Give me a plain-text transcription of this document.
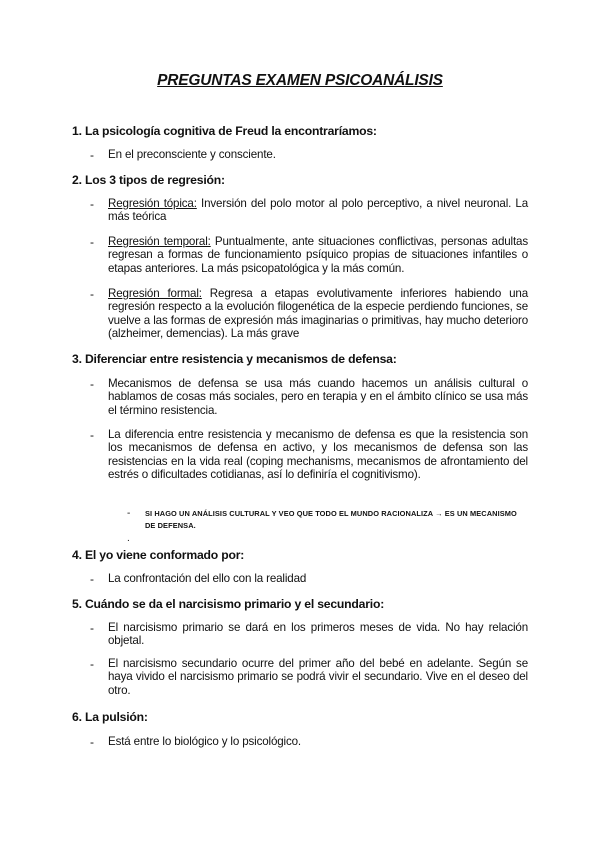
PREGUNTAS EXAMEN PSICOANÁLISIS
1. La psicología cognitiva de Freud la encontraríamos:
- En el preconsciente y consciente.
2. Los 3 tipos de regresión:
- Regresión tópica: Inversión del polo motor al polo perceptivo, a nivel neuronal. La más teórica
- Regresión temporal: Puntualmente, ante situaciones conflictivas, personas adultas regresan a formas de funcionamiento psíquico propias de situaciones infantiles o etapas anteriores. La más psicopatológica y la más común.
- Regresión formal: Regresa a etapas evolutivamente inferiores habiendo una regresión respecto a la evolución filogenética de la especie perdiendo funciones, se vuelve a las formas de expresión más imaginarias o primitivas, hay mucho deterioro (alzheimer, demencias). La más grave
3. Diferenciar entre resistencia y mecanismos de defensa:
- Mecanismos de defensa se usa más cuando hacemos un análisis cultural o hablamos de cosas más sociales, pero en terapia y en el ámbito clínico se usa más el término resistencia.
- La diferencia entre resistencia y mecanismo de defensa es que la resistencia son los mecanismos de defensa en activo, y los mecanismos de defensa son las resistencias en la vida real (coping mechanisms, mecanismos de afrontamiento del estrés o dificultades cotidianas, así lo definiría el cognitivismo).
- SI HAGO UN ANÁLISIS CULTURAL Y VEO QUE TODO EL MUNDO RACIONALIZA → ES UN MECANISMO DE DEFENSA.
.
4. El yo viene conformado por:
- La confrontación del ello con la realidad
5. Cuándo se da el narcisismo primario y el secundario:
- El narcisismo primario se dará en los primeros meses de vida. No hay relación objetal.
- El narcisismo secundario ocurre del primer año del bebé en adelante. Según se haya vivido el narcisismo primario se podrá vivir el secundario. Vive en el deseo del otro.
6. La pulsión:
- Está entre lo biológico y lo psicológico.
